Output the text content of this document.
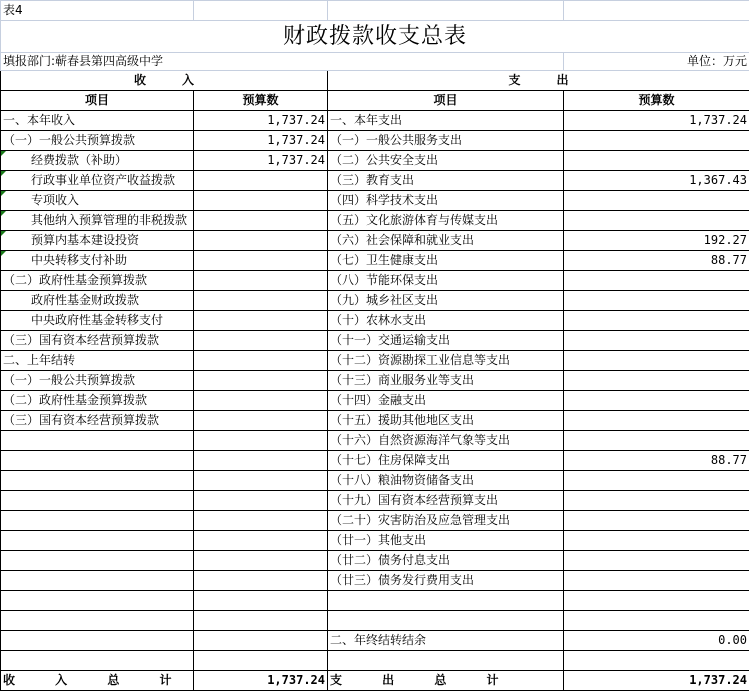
表4			
财政拨款收支总表			
填报部门:蕲春县第四高级中学			单位：万元
收　　　入		支　　　出	
项目	预算数	项目	预算数
一、本年收入	1,737.24	一、本年支出	1,737.24
（一）一般公共预算拨款	1,737.24	（一）一般公共服务支出	
经费拨款（补助）	1,737.24	（二）公共安全支出	
行政事业单位资产收益拨款		（三）教育支出	1,367.43
专项收入		（四）科学技术支出	
其他纳入预算管理的非税拨款		（五）文化旅游体育与传媒支出	
预算内基本建设投资		（六）社会保障和就业支出	192.27
中央转移支付补助		（七）卫生健康支出	88.77
（二）政府性基金预算拨款		（八）节能环保支出	
政府性基金财政拨款		（九）城乡社区支出	
中央政府性基金转移支付		（十）农林水支出	
（三）国有资本经营预算拨款		（十一）交通运输支出	
二、上年结转		（十二）资源勘探工业信息等支出	
（一）一般公共预算拨款		（十三）商业服务业等支出	
（二）政府性基金预算拨款		（十四）金融支出	
（三）国有资本经营预算拨款		（十五）援助其他地区支出	
		（十六）自然资源海洋气象等支出	
		（十七）住房保障支出	88.77
		（十八）粮油物资储备支出	
		（十九）国有资本经营预算支出	
		（二十）灾害防治及应急管理支出	
		（廿一）其他支出	
		（廿二）债务付息支出	
		（廿三）债务发行费用支出	

		二、年终结转结余	0.00

收 入 总 计	1,737.24	支 出 总 计	1,737.24
